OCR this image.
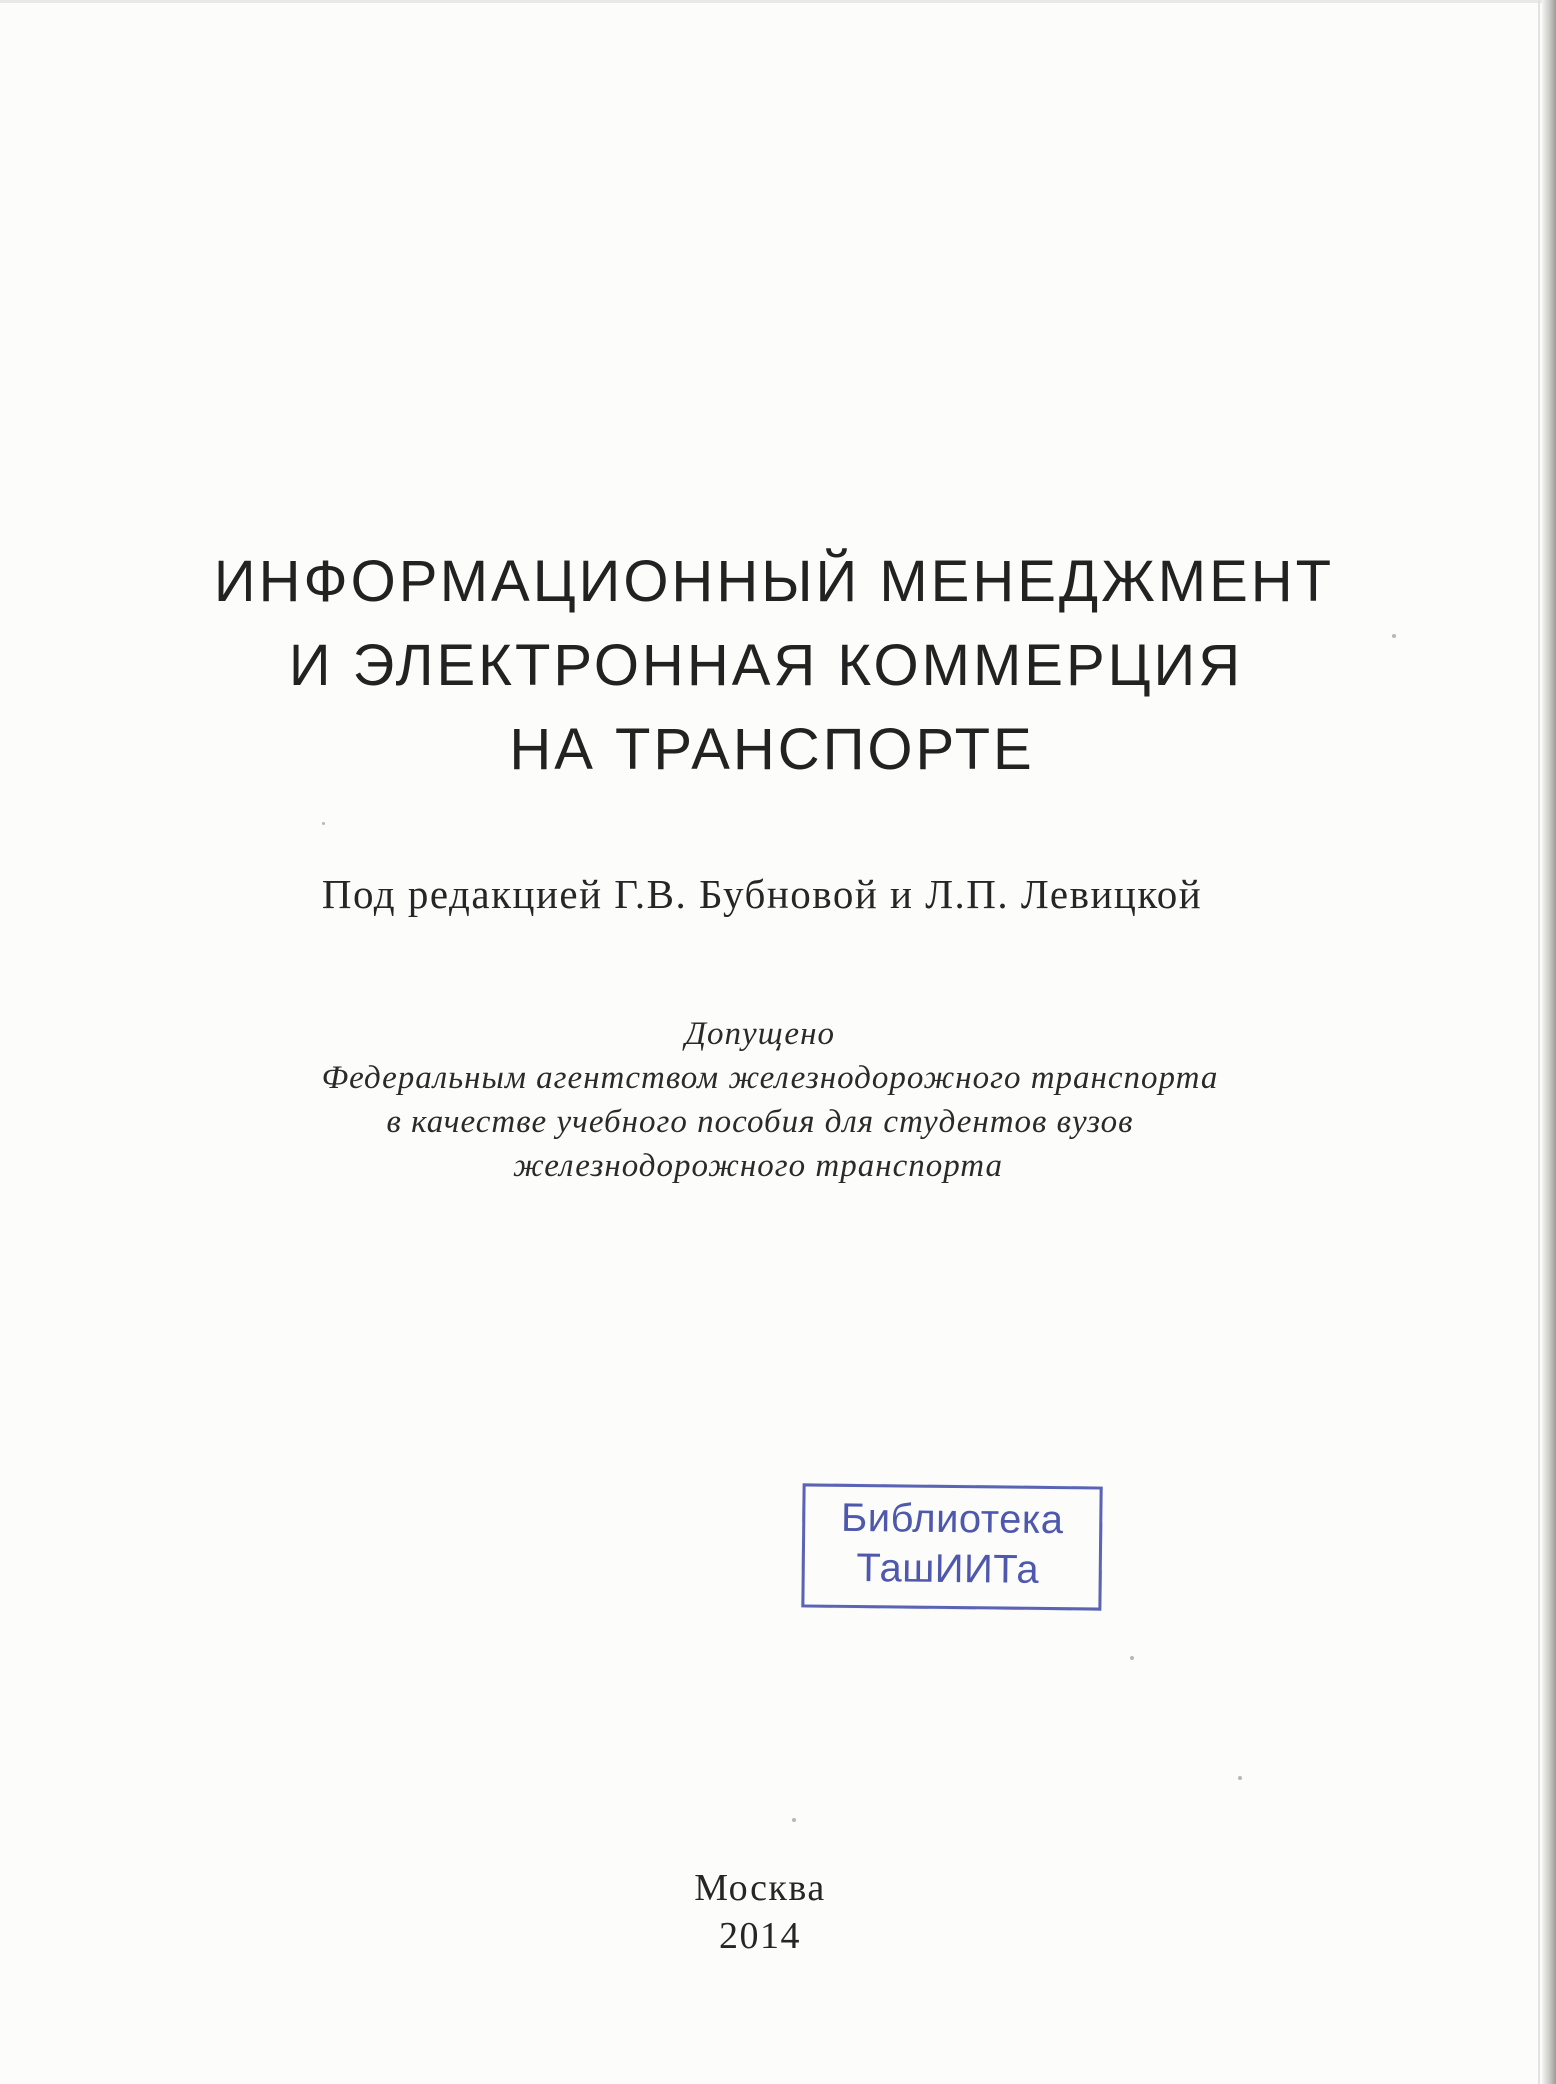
ИНФОРМАЦИОННЫЙ МЕНЕДЖМЕНТ
И ЭЛЕКТРОННАЯ КОММЕРЦИЯ
НА ТРАНСПОРТЕ
Под редакцией Г.В. Бубновой и Л.П. Левицкой
Допущено
Федеральным агентством железнодорожного транспорта
в качестве учебного пособия для студентов вузов
железнодорожного транспорта
Библиотека
ТашИИТа
Москва
2014
